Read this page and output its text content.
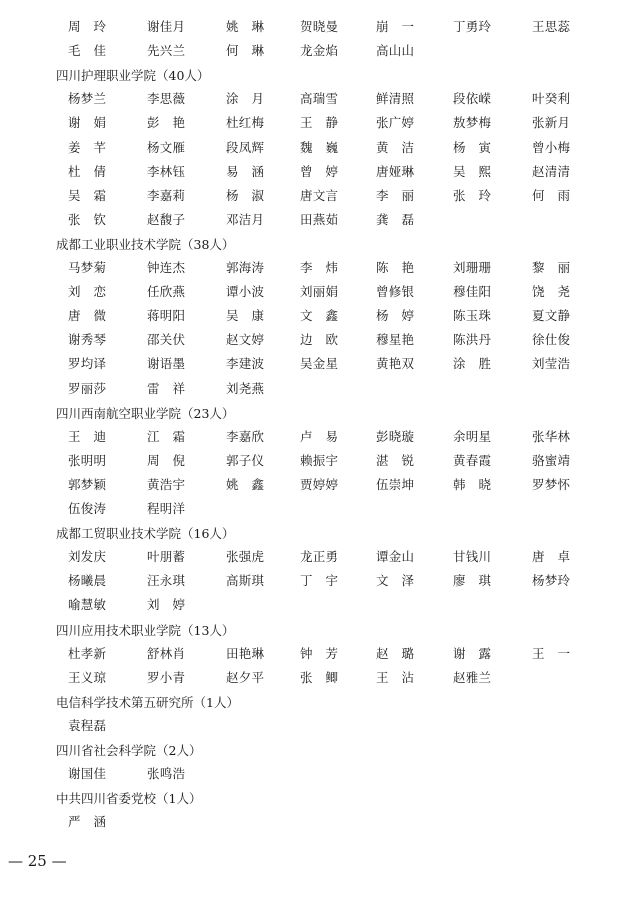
周　玲	谢佳月	姚　琳	贺晓曼	崩　一	丁勇玲	王思蕊
毛　佳	先兴兰	何　琳	龙金焰	高山山
四川护理职业学院（40人）
杨梦兰	李思薇	涂　月	高瑞雪	鲜清照	段依嵘	叶癸利
谢　娟	彭　艳	杜红梅	王　静	张广婷	敖梦梅	张新月
姜　芊	杨文雁	段凤辉	魏　巍	黄　洁	杨　寅	曾小梅
杜　倩	李林钰	易　涵	曾　婷	唐娅琳	吴　熙	赵清清
吴　霜	李嘉莉	杨　淑	唐文言	李　丽	张　玲	何　雨
张　钦	赵馥子	邓洁月	田燕茹	龚　磊
成都工业职业技术学院（38人）
马梦菊	钟连杰	郭海涛	李　炜	陈　艳	刘珊珊	黎　丽
刘　恋	任欣燕	谭小波	刘丽娟	曾修银	穆佳阳	饶　尧
唐　微	蒋明阳	吴　康	文　鑫	杨　婷	陈玉珠	夏文静
谢秀琴	邵关伏	赵文婷	边　欧	穆星艳	陈洪丹	徐仕俊
罗均译	谢语墨	李建波	吴金星	黄艳双	涂　胜	刘莹浩
罗丽莎	雷　祥	刘尧燕
四川西南航空职业学院（23人）
王　迪	江　霜	李嘉欣	卢　易	彭晓璇	余明星	张华林
张明明	周　倪	郭子仪	赖振宇	湛　锐	黄春霞	骆蜜靖
郭梦颖	黄浩宇	姚　鑫	贾婷婷	伍崇坤	韩　晓	罗梦怀
伍俊涛	程明洋
成都工贸职业技术学院（16人）
刘发庆	叶朋蓄	张强虎	龙正勇	谭金山	甘钱川	唐　卓
杨曦晨	汪永琪	高斯琪	丁　宇	文　泽	廖　琪	杨梦玲
喻慧敏	刘　婷
四川应用技术职业学院（13人）
杜孝新	舒林肖	田艳琳	钟　芳	赵　璐	谢　露	王　一
王义琼	罗小青	赵夕平	张　鲫	王　沾	赵雅兰
电信科学技术第五研究所（1人）
袁程磊
四川省社会科学院（2人）
谢国佳	张鸣浩
中共四川省委党校（1人）
严　涵
— 25 —
